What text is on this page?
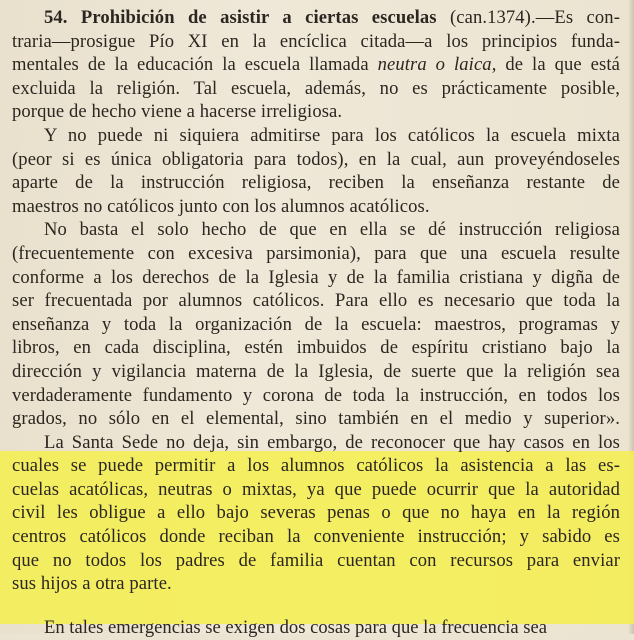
54. Prohibición de asistir a ciertas escuelas (can.1374).—Es con-
traria—prosigue Pío XI en la encíclica citada—a los principios funda-
mentales de la educación la escuela llamada neutra o laica, de la que está
excluida la religión. Tal escuela, además, no es prácticamente posible,
porque de hecho viene a hacerse irreligiosa.
Y no puede ni siquiera admitirse para los católicos la escuela mixta
(peor si es única obligatoria para todos), en la cual, aun proveyéndoseles
aparte de la instrucción religiosa, reciben la enseñanza restante de
maestros no católicos junto con los alumnos acatólicos.
No basta el solo hecho de que en ella se dé instrucción religiosa
(frecuentemente con excesiva parsimonia), para que una escuela resulte
conforme a los derechos de la Iglesia y de la familia cristiana y digña de
ser frecuentada por alumnos católicos. Para ello es necesario que toda la
enseñanza y toda la organización de la escuela: maestros, programas y
libros, en cada disciplina, estén imbuidos de espíritu cristiano bajo la
dirección y vigilancia materna de la Iglesia, de suerte que la religión sea
verdaderamente fundamento y corona de toda la instrucción, en todos los
grados, no sólo en el elemental, sino también en el medio y superior».
La Santa Sede no deja, sin embargo, de reconocer que hay casos en los
cuales se puede permitir a los alumnos católicos la asistencia a las es-
cuelas acatólicas, neutras o mixtas, ya que puede ocurrir que la autoridad
civil les obligue a ello bajo severas penas o que no haya en la región
centros católicos donde reciban la conveniente instrucción; y sabido es
que no todos los padres de familia cuentan con recursos para enviar
sus hijos a otra parte.
En tales emergencias se exigen dos cosas para que la frecuencia sea
